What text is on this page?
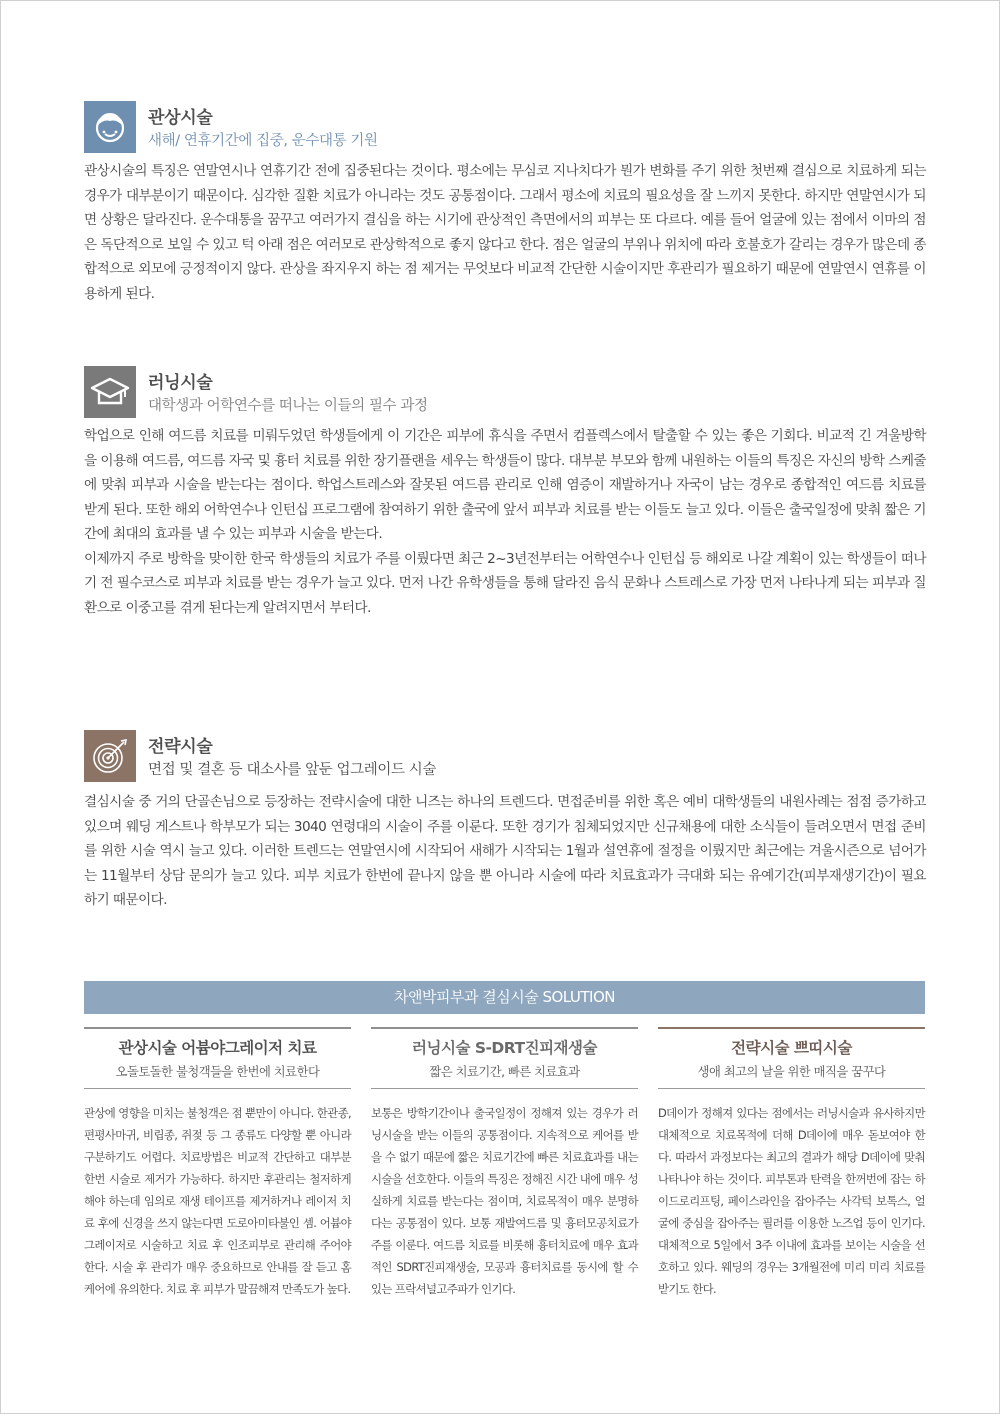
관상시술
새해/ 연휴기간에 집중, 운수대통 기원

관상시술의 특징은 연말연시나 연휴기간 전에 집중된다는 것이다. 평소에는 무심코 지나치다가 뭔가 변화를 주기 위한 첫번째 결심으로 치료하게 되는 경우가 대부분이기 때문이다. 심각한 질환 치료가 아니라는 것도 공통점이다. 그래서 평소에 치료의 필요성을 잘 느끼지 못한다. 하지만 연말연시가 되면 상황은 달라진다. 운수대통을 꿈꾸고 여러가지 결심을 하는 시기에 관상적인 측면에서의 피부는 또 다르다. 예를 들어 얼굴에 있는 점에서 이마의 점은 독단적으로 보일 수 있고 턱 아래 점은 여러모로 관상학적으로 좋지 않다고 한다. 점은 얼굴의 부위나 위치에 따라 호불호가 갈리는 경우가 많은데 종합적으로 외모에 긍정적이지 않다. 관상을 좌지우지 하는 점 제거는 무엇보다 비교적 간단한 시술이지만 후관리가 필요하기 때문에 연말연시 연휴를 이용하게 된다.

러닝시술
대학생과 어학연수를 떠나는 이들의 필수 과정

학업으로 인해 여드름 치료를 미뤄두었던 학생들에게 이 기간은 피부에 휴식을 주면서 컴플렉스에서 탈출할 수 있는 좋은 기회다. 비교적 긴 겨울방학을 이용해 여드름, 여드름 자국 및 흉터 치료를 위한 장기플랜을 세우는 학생들이 많다. 대부분 부모와 함께 내원하는 이들의 특징은 자신의 방학 스케줄에 맞춰 피부과 시술을 받는다는 점이다. 학업스트레스와 잘못된 여드름 관리로 인해 염증이 재발하거나 자국이 남는 경우로 종합적인 여드름 치료를 받게 된다. 또한 해외 어학연수나 인턴십 프로그램에 참여하기 위한 출국에 앞서 피부과 치료를 받는 이들도 늘고 있다. 이들은 출국일정에 맞춰 짧은 기간에 최대의 효과를 낼 수 있는 피부과 시술을 받는다.

이제까지 주로 방학을 맞이한 한국 학생들의 치료가 주를 이뤘다면 최근 2~3년전부터는 어학연수나 인턴십 등 해외로 나갈 계획이 있는 학생들이 떠나기 전 필수코스로 피부과 치료를 받는 경우가 늘고 있다. 먼저 나간 유학생들을 통해 달라진 음식 문화나 스트레스로 가장 먼저 나타나게 되는 피부과 질환으로 이중고를 겪게 된다는게 알려지면서 부터다.

전략시술
면접 및 결혼 등 대소사를 앞둔 업그레이드 시술

결심시술 중 거의 단골손님으로 등장하는 전략시술에 대한 니즈는 하나의 트렌드다. 면접준비를 위한 혹은 예비 대학생들의 내원사례는 점점 증가하고 있으며 웨딩 게스트나 학부모가 되는 3040 연령대의 시술이 주를 이룬다. 또한 경기가 침체되었지만 신규채용에 대한 소식들이 들려오면서 면접 준비를 위한 시술 역시 늘고 있다. 이러한 트렌드는 연말연시에 시작되어 새해가 시작되는 1월과 설연휴에 절정을 이뤘지만 최근에는 겨울시즌으로 넘어가는 11월부터 상담 문의가 늘고 있다. 피부 치료가 한번에 끝나지 않을 뿐 아니라 시술에 따라 치료효과가 극대화 되는 유예기간(피부재생기간)이 필요하기 때문이다.

차앤박피부과 결심시술 SOLUTION
관상시술 어븀야그레이저 치료
오돌토돌한 불청객들을 한번에 치료한다
관상에 영향을 미치는 불청객은 점 뿐만이 아니다. 한관종, 편평사마귀, 비립종, 쥐젖 등 그 종류도 다양할 뿐 아니라 구분하기도 어렵다. 치료방법은 비교적 간단하고 대부분 한번 시술로 제거가 가능하다. 하지만 후관리는 철저하게 해야 하는데 임의로 재생 테이프를 제거하거나 레이저 치료 후에 신경을 쓰지 않는다면 도로아미타불인 셈. 어븀야그레이저로 시술하고 치료 후 인조피부로 관리해 주어야 한다. 시술 후 관리가 매우 중요하므로 안내를 잘 듣고 홈케어에 유의한다. 치료 후 피부가 말끔해져 만족도가 높다.
러닝시술 S-DRT진피재생술
짧은 치료기간, 빠른 치료효과
보통은 방학기간이나 출국일정이 정해져 있는 경우가 러닝시술을 받는 이들의 공통점이다. 지속적으로 케어를 받을 수 없기 때문에 짧은 치료기간에 빠른 치료효과를 내는 시술을 선호한다. 이들의 특징은 정해진 시간 내에 매우 성실하게 치료를 받는다는 점이며, 치료목적이 매우 분명하다는 공통점이 있다. 보통 재발여드름 및 흉터모공치료가 주를 이룬다. 여드름 치료를 비롯해 흉터치료에 매우 효과적인 SDRT진피재생술, 모공과 흉터치료를 동시에 할 수 있는 프락셔널고주파가 인기다.
전략시술 쁘띠시술
생애 최고의 날을 위한 매직을 꿈꾸다
D데이가 정해져 있다는 점에서는 러닝시술과 유사하지만 대체적으로 치료목적에 더해 D데이에 매우 돋보여야 한다. 따라서 과정보다는 최고의 결과가 해당 D데이에 맞춰 나타나야 하는 것이다. 피부톤과 탄력을 한꺼번에 잡는 하이드로리프팅, 페이스라인을 잡아주는 사각턱 보톡스, 얼굴에 중심을 잡아주는 필러를 이용한 노즈업 등이 인기다. 대체적으로 5일에서 3주 이내에 효과를 보이는 시술을 선호하고 있다. 웨딩의 경우는 3개월전에 미리 미리 치료를 받기도 한다.
